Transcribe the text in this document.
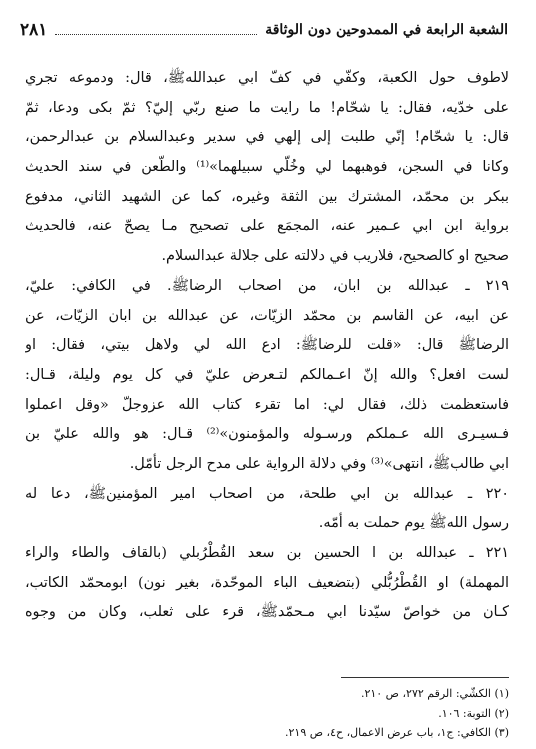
الشعبة الرابعة في الممدوحين دون الوثاقة
٢٨١
لاطوف حول الكعبة، وكفّي في كفّ ابي عبداللهﷺ، قال: ودموعه تجري
على خدّيه، فقال: يا شحّام! ما رايت ما صنع ربّي إليّ؟ ثمّ بكى ودعا، ثمّ
قال: يا شحّام! إنّي طلبت إلى إلهي في سدير وعبدالسلام بن عبدالرحمن،
وكانا في السجن، فوهبهما لي وخُلّي سبيلهما»⁽¹⁾ والطّعن في سند الحديث
ببكر بن محمّد، المشترك بين الثقة وغيره، كما عن الشهيد الثاني، مدفوع
برواية ابن ابي عـمير عنه، المجمَع على تصحيح مـا يصحّ عنه، فالحديث
صحيح او كالصحيح، فلاريب في دلالته على جلالة عبدالسلام.
٢١٩ ـ عبدالله بن ابان، من اصحاب الرضاﷺ. في الكافي: عليّ،
عن ابيه، عن القاسم بن محمّد الزيّات، عن عبدالله بن ابان الزيّات، عن
الرضاﷺ قال: «قلت للرضاﷺ: ادع الله لي ولاهل بيتي، فقال: او
لست افعل؟ والله إنّ اعـمالكم لتـعرض عليّ في كل يوم وليلة، قـال:
فاستعظمت ذلك، فقال لي: اما تقرء كتاب الله عزوجلّ «وقل اعملوا
فـسيـرى الله عـملكم ورسـوله والمؤمنون»⁽²⁾ قـال: هو والله عليّ بن
ابي طالبﷺ، انتهى»⁽³⁾ وفي دلالة الرواية على مدح الرجل تأمّل.
٢٢٠ ـ عبدالله بن ابي طلحة، من اصحاب امير المؤمنينﷺ، دعا له
رسول اللهﷺ يوم حملت به أمّه.
٢٢١ ـ عبدالله بن ا الحسين بن سعد القُطْرُبلي (بالقاف والطاء والراء
المهملة) او القُطْرُبُّلي (بتضعيف الباء الموحّدة، بغير نون) ابومحمّد الكاتب،
كـان من خواصّ سيّدنا ابي مـحمّدﷺ، قرء على ثعلب، وكان من وجوه
(١) الكشّي: الرقم ٢٧٢، ص ٢١٠.
(٢) التوبة: ١٠٦.
(٣) الكافي: ج١، باب عرض الاعمال، ح٤، ص ٢١٩.
